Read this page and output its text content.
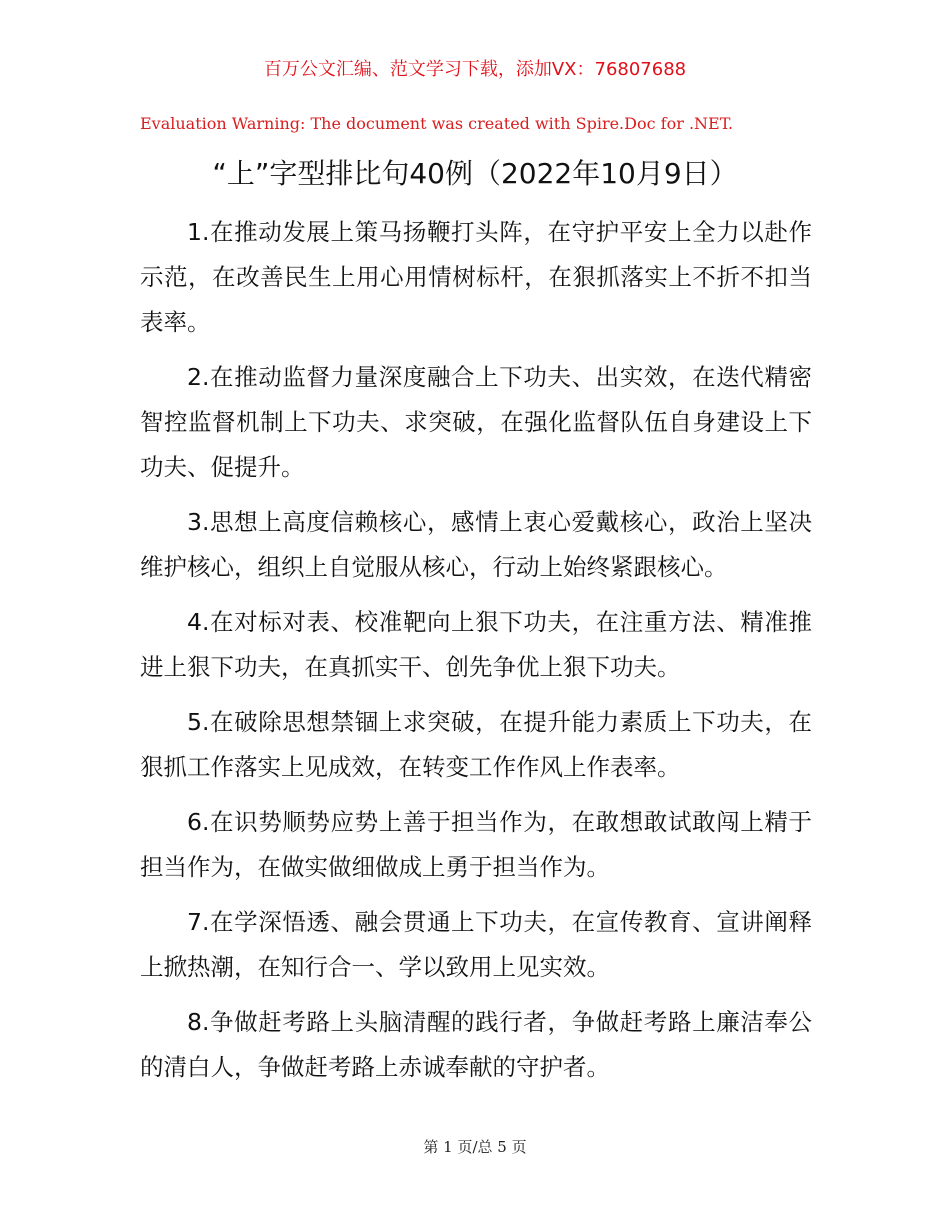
百万公文汇编、范文学习下载，添加VX：76807688
Evaluation Warning: The document was created with Spire.Doc for .NET.
“上”字型排比句40例（2022年10月9日）

1.在推动发展上策马扬鞭打头阵，在守护平安上全力以赴作示范，在改善民生上用心用情树标杆，在狠抓落实上不折不扣当表率。

2.在推动监督力量深度融合上下功夫、出实效，在迭代精密智控监督机制上下功夫、求突破，在强化监督队伍自身建设上下功夫、促提升。

3.思想上高度信赖核心，感情上衷心爱戴核心，政治上坚决维护核心，组织上自觉服从核心，行动上始终紧跟核心。

4.在对标对表、校准靶向上狠下功夫，在注重方法、精准推进上狠下功夫，在真抓实干、创先争优上狠下功夫。

5.在破除思想禁锢上求突破，在提升能力素质上下功夫，在狠抓工作落实上见成效，在转变工作作风上作表率。

6.在识势顺势应势上善于担当作为，在敢想敢试敢闯上精于担当作为，在做实做细做成上勇于担当作为。

7.在学深悟透、融会贯通上下功夫，在宣传教育、宣讲阐释上掀热潮，在知行合一、学以致用上见实效。

8.争做赶考路上头脑清醒的践行者，争做赶考路上廉洁奉公的清白人，争做赶考路上赤诚奉献的守护者。

第 1 页/总 5 页
